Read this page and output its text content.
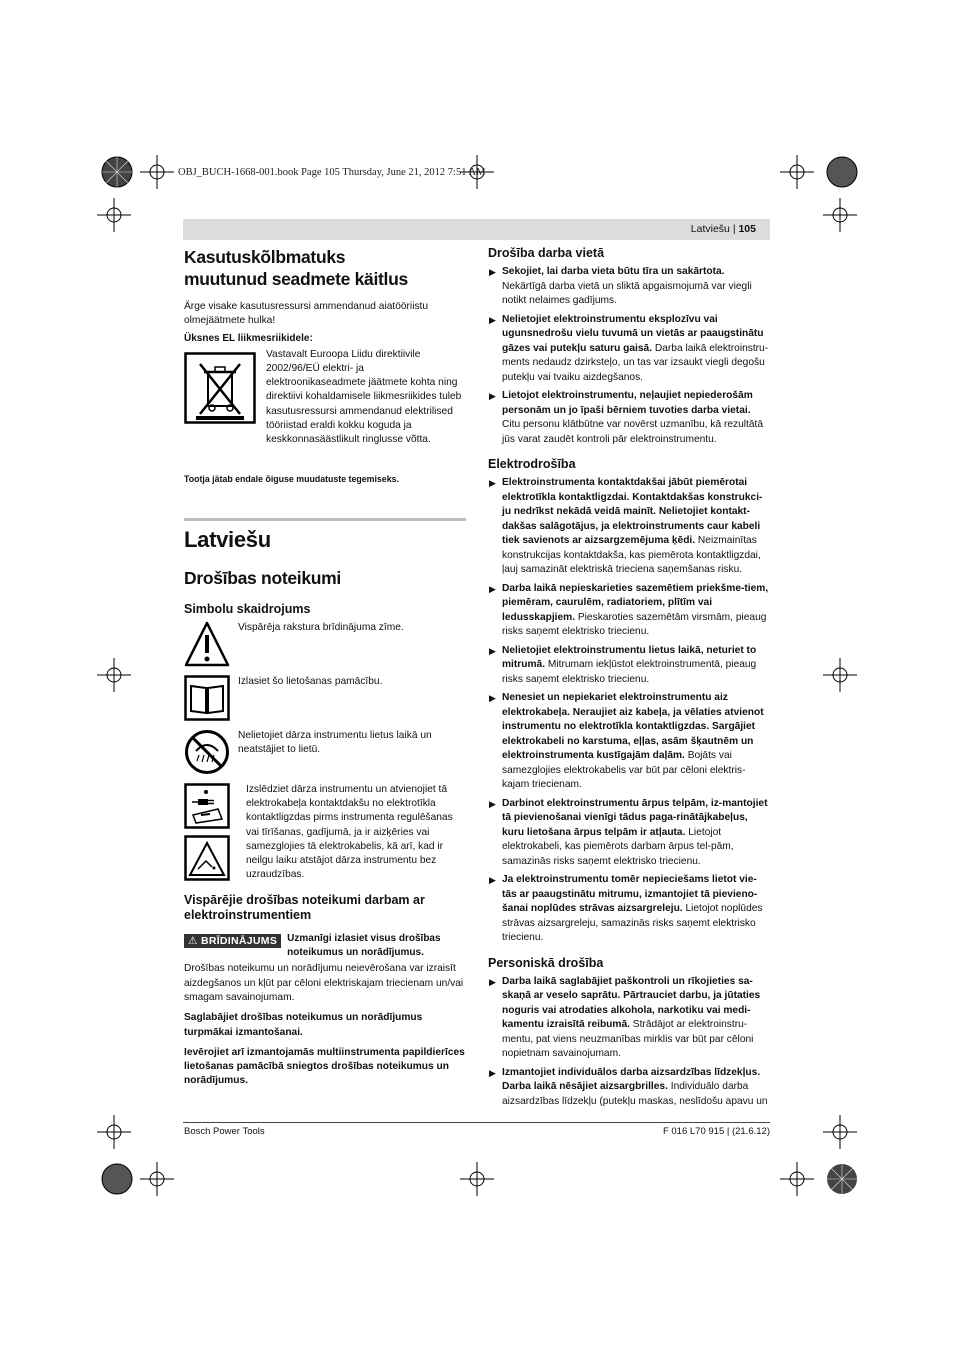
OBJ_BUCH-1668-001.book Page 105 Thursday, June 21, 2012 7:51 AM
Latviešu | 105
Kasutuskõlbmatuks muutunud seadmete käitlus

Ärge visake kasutusressursi ammendanud aiatööriistu olmejäätmete hulka!

Üksnes EL liikmesriikidele:

Vastavalt Euroopa Liidu direktiivile 2002/96/EÜ elektri- ja elektroonikaseadmete jäätmete kohta ning direktiivi kohaldamisele liikmesriikides tuleb kasutusressursi ammendanud elektrilised tööriistad eraldi kokku koguda ja keskkonnasäästlikult ringlusse võtta.

Tootja jätab endale õiguse muudatuste tegemiseks.

Latviešu
Drošības noteikumi
Simbolu skaidrojums
Vispārēja rakstura brīdinājuma zīme.
Izlasiet šo lietošanas pamācību.
Nelietojiet dārza instrumentu lietus laikā un neatstājiet to lietū.
Izslēdziet dārza instrumentu un atvienojiet tā elektrokabeļa kontaktdakšu no elektrotīkla kontaktligzdas pirms instrumenta regulēšanas vai tīrīšanas, gadījumā, ja ir aizķēries vai samezglojies tā elektrokabelis, kā arī, kad ir neilgu laiku atstājot dārza instrumentu bez uzraudzības.
Vispārējie drošības noteikumi darbam ar elektroinstrumentiem
⚠ BRĪDINĀJUMS	Uzmanīgi izlasiet visus drošības noteikumus un norādījumus.

Drošības noteikumu un norādījumu neievērošana var izraisīt aizdegšanos un kļūt par cēloni elektriskajam triecienam un/vai smagam savainojumam.

Saglabājiet drošības noteikumus un norādījumus turpmākai izmantošanai.

Ievērojiet arī izmantojamās multiinstrumenta papildierīces lietošanas pamācībā sniegtos drošības noteikumus un norādījumus.

Drošība darba vietā

▶ Sekojiet, lai darba vieta būtu tīra un sakārtota. Nekārtīgā darba vietā un sliktā apgaismojumā var viegli notikt nelaimes gadījums.

▶ Nelietojiet elektroinstrumentu eksplozīvu vai ugunsnedrošu vielu tuvumā un vietās ar paaugstinātu gāzes vai putekļu saturu gaisā. Darba laikā elektroinstru-ments nedaudz dzirksteļo, un tas var izsaukt viegli degošu putekļu vai tvaiku aizdegšanos.

▶ Lietojot elektroinstrumentu, neļaujiet nepiederošām personām un jo īpaši bērniem tuvoties darba vietai. Citu personu klātbūtne var novērst uzmanību, kā rezultātā jūs varat zaudēt kontroli pār elektroinstrumentu.

Elektrodrošība

▶ Elektroinstrumenta kontaktdakšai jābūt piemērotai elektrotīkla kontaktligzdai. Kontaktdakšas konstrukci-ju nedrīkst nekādā veidā mainīt. Nelietojiet kontakt-dakšas salāgotājus, ja elektroinstruments caur kabeli tiek savienots ar aizsargzemējuma ķēdi. Neizmainītas konstrukcijas kontaktdakša, kas piemērota kontaktligzdai, ļauj samazināt elektriskā trieciena saņemšanas risku.

▶ Darba laikā nepieskarieties sazemētiem priekšme-tiem, piemēram, caurulēm, radiatoriem, plītīm vai ledusskapjiem. Pieskaroties sazemētām virsmām, pieaug risks saņemt elektrisko triecienu.

▶ Nelietojiet elektroinstrumentu lietus laikā, neturiet to mitrumā. Mitrumam iekļūstot elektroinstrumentā, pieaug risks saņemt elektrisko triecienu.

▶ Nenesiet un nepiekariet elektroinstrumentu aiz elektrokabeļa. Neraujiet aiz kabeļa, ja vēlaties atvienot instrumentu no elektrotīkla kontaktligzdas. Sargājiet elektrokabeli no karstuma, eļļas, asām šķautnēm un elektroinstrumenta kustīgajām daļām. Bojāts vai samezglojies elektrokabelis var būt par cēloni elektris-kajam triecienam.

▶ Darbinot elektroinstrumentu ārpus telpām, iz-mantojiet tā pievienošanai vienīgi tādus paga-rinātājkabeļus, kuru lietošana ārpus telpām ir atļauta. Lietojot elektrokabeli, kas piemērots darbam ārpus tel-pām, samazinās risks saņemt elektrisko triecienu.

▶ Ja elektroinstrumentu tomēr nepieciešams lietot vie-tās ar paaugstinātu mitrumu, izmantojiet tā pievieno-šanai noplūdes strāvas aizsargreleju. Lietojot noplūdes strāvas aizsargreleju, samazinās risks saņemt elektrisko triecienu.

Personiskā drošība

▶ Darba laikā saglabājiet paškontroli un rīkojieties sa-skaņā ar veselo saprātu. Pārtrauciet darbu, ja jūtaties noguris vai atrodaties alkohola, narkotiku vai medi-kamentu izraisītā reibumā. Strādājot ar elektroinstru-mentu, pat viens neuzmanības mirklis var būt par cēloni nopietnam savainojumam.

▶ Izmantojiet individuālos darba aizsardzības līdzekļus. Darba laikā nēsājiet aizsargbrilles. Individuālo darba aizsardzības līdzekļu (putekļu maskas, neslīdošu apavu un

Bosch Power Tools	F 016 L70 915 | (21.6.12)
